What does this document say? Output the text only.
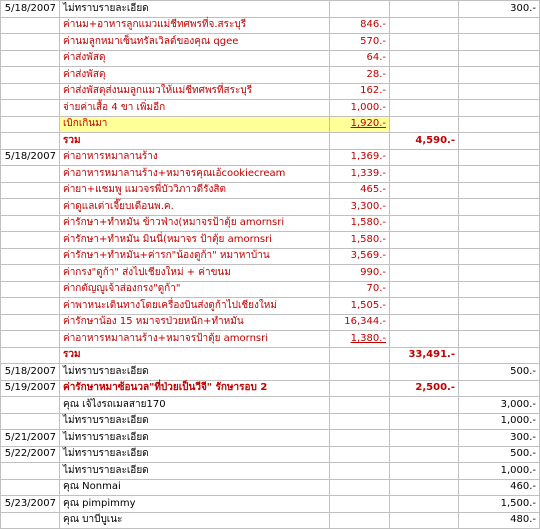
5/18/2007	ไม่ทราบรายละเอียด			300.-
	ค่านม+อาหารลูกแมวแม่ชีทศพรที่จ.สระบุรี	846.-		
	ค่านมลูกหมาเซ็นทรัลเวิลด์ของคุณ qgee	570.-		
	ค่าส่งพัสดุ	64.-		
	ค่าส่งพัสดุ	28.-		
	ค่าส่งพัสดุส่งนมลูกแมวให้แม่ชีทศพรที่สระบุรี	162.-		
	จ่ายค่าเสื้อ 4 ขา เพิ่มอีก	1,000.-		
	เบิกเกินมา	1,920.-		
	รวม		4,590.-	
5/18/2007	ค่าอาหารหมาลานร้าง	1,369.-		
	ค่าอาหารหมาลานร้าง+หมาจรคุณเอ้cookiecream	1,339.-		
	ค่ายา+แชมพู แมวจรพี่บัววิภาวดีรังสิต	465.-		
	ค่าดูแลเต่าเจี๊ยบเดือนพ.ค.	3,300.-		
	ค่ารักษา+ทำหมัน ข้าวฟ่าง(หมาจรป้าตุ้ย amornsri	1,580.-		
	ค่ารักษา+ทำหมัน มินนี่(หมาจร ป้าตุ้ย amornsri	1,580.-		
	ค่ารักษา+ทำหมัน+ค่ารก"น้องดูก้า" หมาหาบ้าน	3,569.-		
	ค่ากรง"ดูก้า" ส่งไปเชียงใหม่ + ค่าขนม	990.-		
	ค่ากตัญญูเจ้าส่องกรง"ดูก้า"	70.-		
	ค่าพาหนะเดินทางโดยเครื่องบินส่งดูก้าไปเชียงใหม่	1,505.-		
	ค่ารักษาน้อง 15 หมาจรป่วยหนัก+ทำหมัน	16,344.-		
	ค่าอาหารหมาลานร้าง+หมาจรป้าตุ้ย amornsri	1,380.-		
	รวม		33,491.-	
5/18/2007	ไม่ทราบรายละเอียด			500.-
5/19/2007	ค่ารักษาหมาซ้อนวล"ที่ป่วยเป็นวีจี" รักษารอบ 2		2,500.-	
	คุณ เจ้ไงรถเมลสาย170			3,000.-
	ไม่ทราบรายละเอียด			1,000.-
5/21/2007	ไม่ทราบรายละเอียด			300.-
5/22/2007	ไม่ทราบรายละเอียด			500.-
	ไม่ทราบรายละเอียด			1,000.-
	คุณ Nonmai			460.-
5/23/2007	คุณ pimpimmy			1,500.-
	คุณ บาบีบูเนะ			480.-
